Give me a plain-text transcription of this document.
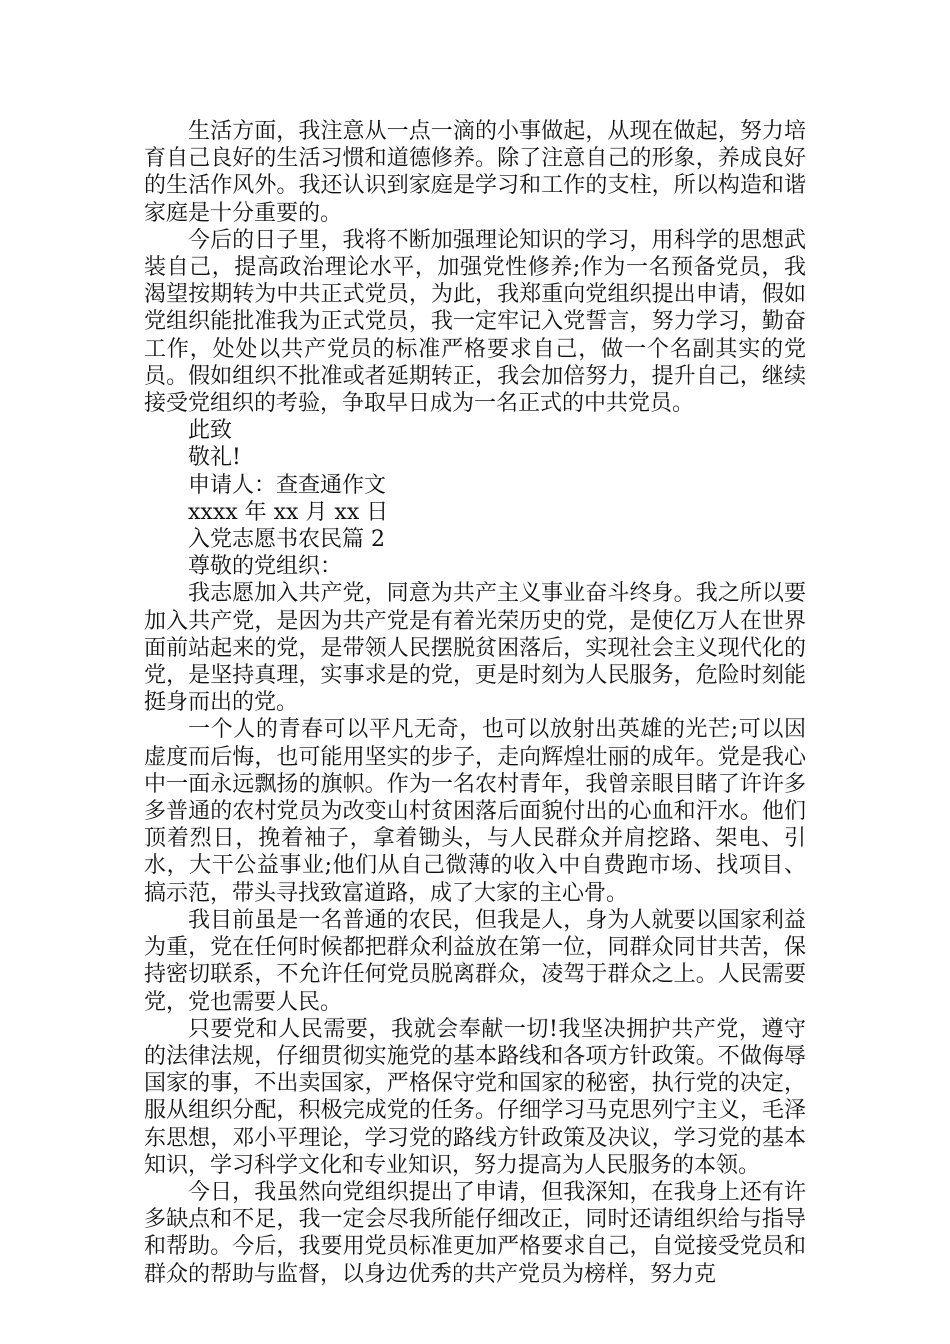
生活方面，我注意从一点一滴的小事做起，从现在做起，努力培育自己良好的生活习惯和道德修养。除了注意自己的形象，养成良好的生活作风外。我还认识到家庭是学习和工作的支柱，所以构造和谐家庭是十分重要的。

今后的日子里，我将不断加强理论知识的学习，用科学的思想武装自己，提高政治理论水平，加强党性修养;作为一名预备党员，我渴望按期转为中共正式党员，为此，我郑重向党组织提出申请，假如党组织能批准我为正式党员，我一定牢记入党誓言，努力学习，勤奋工作，处处以共产党员的标准严格要求自己，做一个名副其实的党员。假如组织不批准或者延期转正，我会加倍努力，提升自己，继续接受党组织的考验，争取早日成为一名正式的中共党员。

此致

敬礼!

申请人：查查通作文

xxxx 年 xx 月 xx 日

入党志愿书农民篇 2

尊敬的党组织：

我志愿加入共产党，同意为共产主义事业奋斗终身。我之所以要加入共产党，是因为共产党是有着光荣历史的党，是使亿万人在世界面前站起来的党，是带领人民摆脱贫困落后，实现社会主义现代化的党，是坚持真理，实事求是的党，更是时刻为人民服务，危险时刻能挺身而出的党。

一个人的青春可以平凡无奇，也可以放射出英雄的光芒;可以因虚度而后悔，也可能用坚实的步子，走向辉煌壮丽的成年。党是我心中一面永远飘扬的旗帜。作为一名农村青年，我曾亲眼目睹了许许多多普通的农村党员为改变山村贫困落后面貌付出的心血和汗水。他们顶着烈日，挽着袖子，拿着锄头，与人民群众并肩挖路、架电、引水，大干公益事业;他们从自己微薄的收入中自费跑市场、找项目、搞示范，带头寻找致富道路，成了大家的主心骨。

我目前虽是一名普通的农民，但我是人，身为人就要以国家利益为重，党在任何时候都把群众利益放在第一位，同群众同甘共苦，保持密切联系，不允许任何党员脱离群众，凌驾于群众之上。人民需要党，党也需要人民。

只要党和人民需要，我就会奉献一切!我坚决拥护共产党，遵守的法律法规，仔细贯彻实施党的基本路线和各项方针政策。不做侮辱国家的事，不出卖国家，严格保守党和国家的秘密，执行党的决定，服从组织分配，积极完成党的任务。仔细学习马克思列宁主义，毛泽东思想，邓小平理论，学习党的路线方针政策及决议，学习党的基本知识，学习科学文化和专业知识，努力提高为人民服务的本领。

今日，我虽然向党组织提出了申请，但我深知，在我身上还有许多缺点和不足，我一定会尽我所能仔细改正，同时还请组织给与指导和帮助。今后，我要用党员标准更加严格要求自己，自觉接受党员和群众的帮助与监督，以身边优秀的共产党员为榜样，努力克
